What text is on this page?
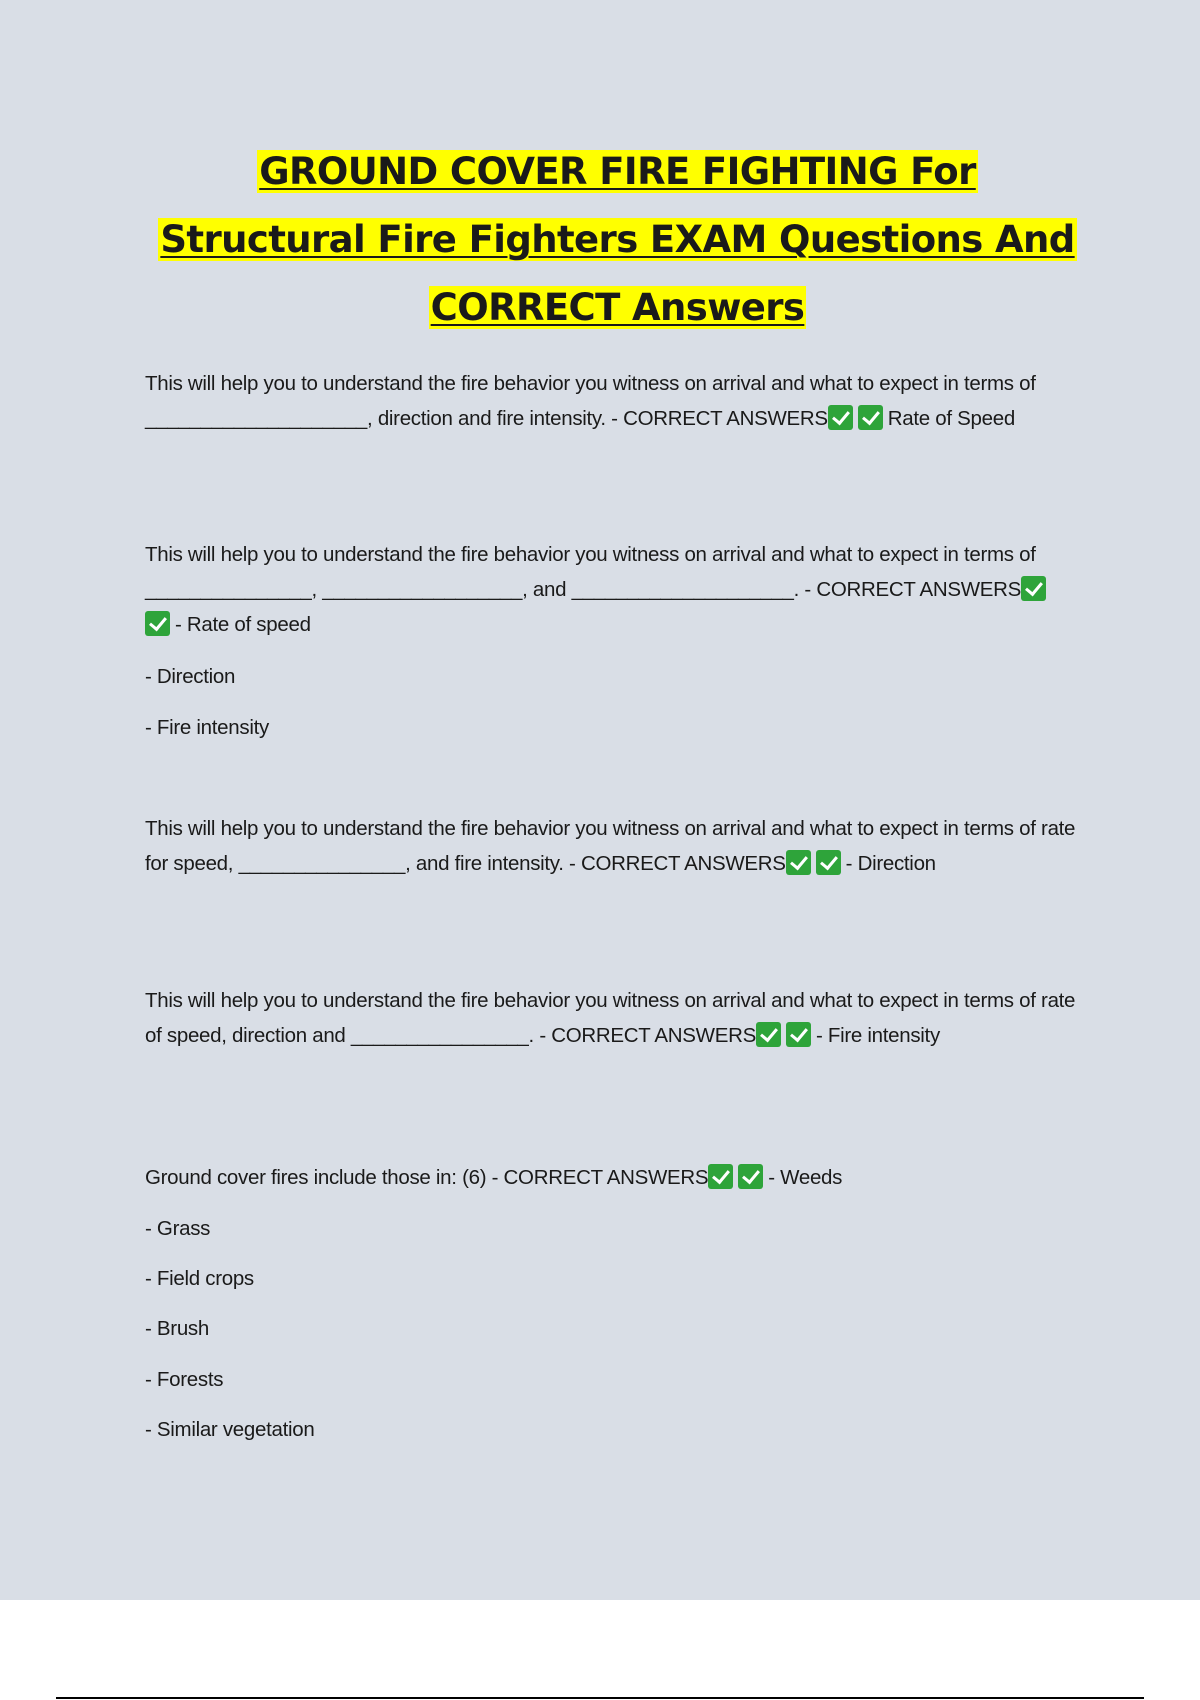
GROUND COVER FIRE FIGHTING For Structural Fire Fighters EXAM Questions And CORRECT Answers

This will help you to understand the fire behavior you witness on arrival and what to expect in terms of ____________________, direction and fire intensity. - CORRECT ANSWERS	Rate of Speed

This will help you to understand the fire behavior you witness on arrival and what to expect in terms of _______________, __________________, and ____________________. - CORRECT ANSWERS- Rate of speed

- Direction

- Fire intensity

This will help you to understand the fire behavior you witness on arrival and what to expect in terms of rate for speed, _______________, and fire intensity. - CORRECT ANSWERS	- Direction

This will help you to understand the fire behavior you witness on arrival and what to expect in terms of rate of speed, direction and ________________. - CORRECT ANSWERS	- Fire intensity

Ground cover fires include those in: (6) - CORRECT ANSWERS	- Weeds

- Grass

- Field crops

- Brush

- Forests

- Similar vegetation
